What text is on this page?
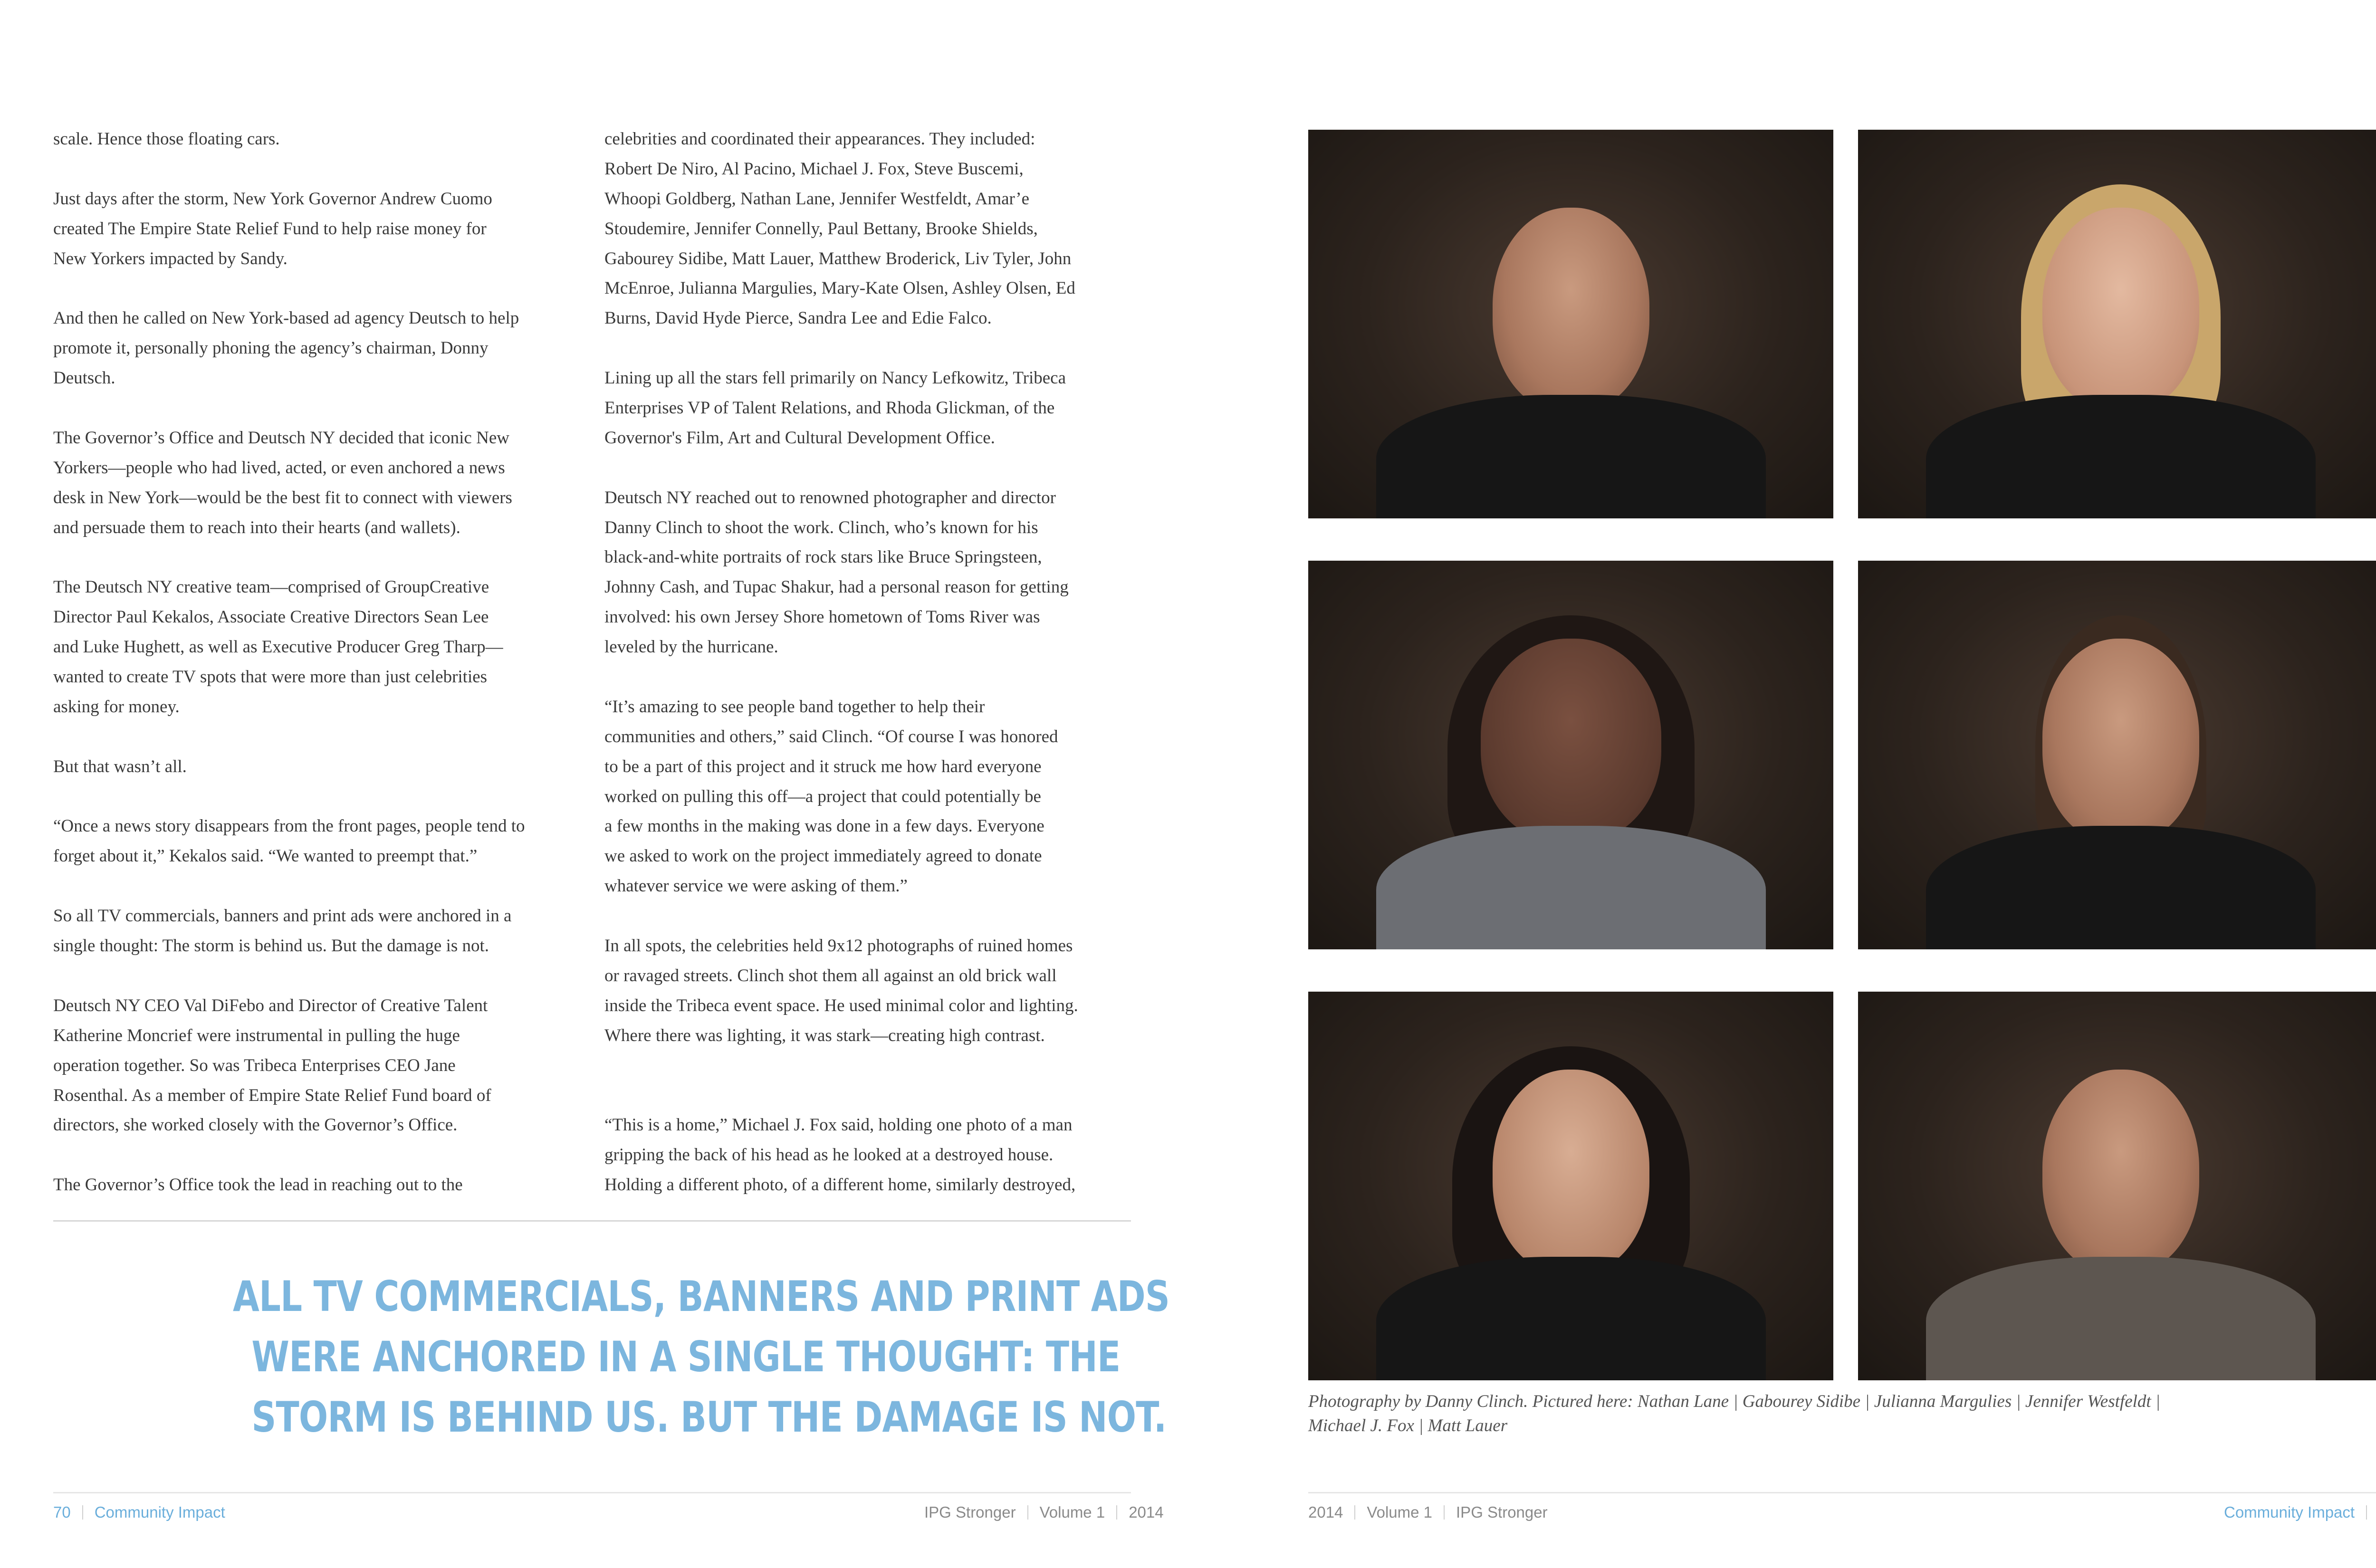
scale. Hence those floating cars.
Just days after the storm, New York Governor Andrew Cuomo
created The Empire State Relief Fund to help raise money for
New Yorkers impacted by Sandy.
And then he called on New York-based ad agency Deutsch to help
promote it, personally phoning the agency’s chairman, Donny
Deutsch.
The Governor’s Office and Deutsch NY decided that iconic New
Yorkers—people who had lived, acted, or even anchored a news
desk in New York—would be the best fit to connect with viewers
and persuade them to reach into their hearts (and wallets).
The Deutsch NY creative team—comprised of GroupCreative
Director Paul Kekalos, Associate Creative Directors Sean Lee
and Luke Hughett, as well as Executive Producer Greg Tharp—
wanted to create TV spots that were more than just celebrities
asking for money.
But that wasn’t all.
“Once a news story disappears from the front pages, people tend to
forget about it,” Kekalos said. “We wanted to preempt that.”
So all TV commercials, banners and print ads were anchored in a
single thought: The storm is behind us. But the damage is not.
Deutsch NY CEO Val DiFebo and Director of Creative Talent
Katherine Moncrief were instrumental in pulling the huge
operation together. So was Tribeca Enterprises CEO Jane
Rosenthal. As a member of Empire State Relief Fund board of
directors, she worked closely with the Governor’s Office.
The Governor’s Office took the lead in reaching out to the
celebrities and coordinated their appearances. They included:
Robert De Niro, Al Pacino, Michael J. Fox, Steve Buscemi,
Whoopi Goldberg, Nathan Lane, Jennifer Westfeldt, Amar’e
Stoudemire, Jennifer Connelly, Paul Bettany, Brooke Shields,
Gabourey Sidibe, Matt Lauer, Matthew Broderick, Liv Tyler, John
McEnroe, Julianna Margulies, Mary-Kate Olsen, Ashley Olsen, Ed
Burns, David Hyde Pierce, Sandra Lee and Edie Falco.
Lining up all the stars fell primarily on Nancy Lefkowitz, Tribeca
Enterprises VP of Talent Relations, and Rhoda Glickman, of the
Governor's Film, Art and Cultural Development Office.
Deutsch NY reached out to renowned photographer and director
Danny Clinch to shoot the work. Clinch, who’s known for his
black-and-white portraits of rock stars like Bruce Springsteen,
Johnny Cash, and Tupac Shakur, had a personal reason for getting
involved: his own Jersey Shore hometown of Toms River was
leveled by the hurricane.
“It’s amazing to see people band together to help their
communities and others,” said Clinch. “Of course I was honored
to be a part of this project and it struck me how hard everyone
worked on pulling this off—a project that could potentially be
a few months in the making was done in a few days. Everyone
we asked to work on the project immediately agreed to donate
whatever service we were asking of them.”
In all spots, the celebrities held 9x12 photographs of ruined homes
or ravaged streets. Clinch shot them all against an old brick wall
inside the Tribeca event space. He used minimal color and lighting.
Where there was lighting, it was stark—creating high contrast.
“This is a home,” Michael J. Fox said, holding one photo of a man
gripping the back of his head as he looked at a destroyed house.
Holding a different photo, of a different home, similarly destroyed,
ALL TV COMMERCIALS, BANNERS AND PRINT ADS
WERE ANCHORED IN A SINGLE THOUGHT: THE
STORM IS BEHIND US. BUT THE DAMAGE IS NOT.
70 Community Impact	IPG Stronger Volume 1 2014
Photography by Danny Clinch. Pictured here: Nathan Lane | Gabourey Sidibe | Julianna Margulies | Jennifer Westfeldt |
Michael J. Fox | Matt Lauer
2014 Volume 1 IPG Stronger	Community Impact
